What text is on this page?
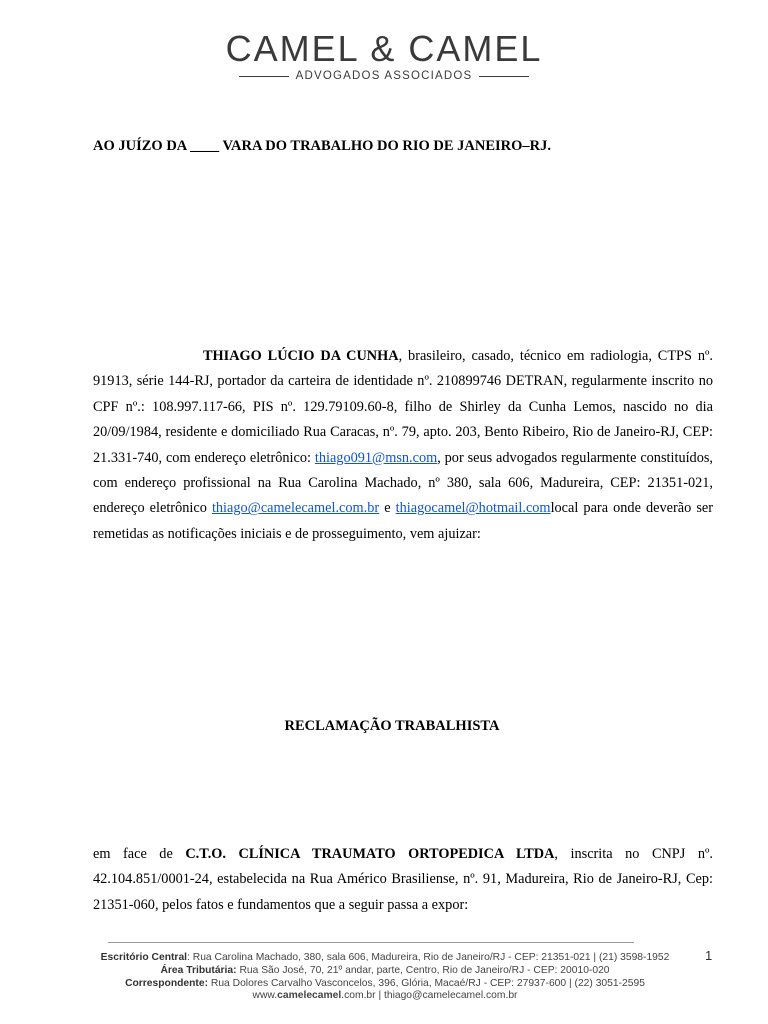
CAMEL & CAMEL
ADVOGADOS ASSOCIADOS
AO JUÍZO DA ____ VARA DO TRABALHO DO RIO DE JANEIRO–RJ.

THIAGO LÚCIO DA CUNHA, brasileiro, casado, técnico em radiologia, CTPS nº. 91913, série 144-RJ, portador da carteira de identidade nº. 210899746 DETRAN, regularmente inscrito no CPF nº.: 108.997.117-66, PIS nº. 129.79109.60-8, filho de Shirley da Cunha Lemos, nascido no dia 20/09/1984, residente e domiciliado Rua Caracas, nº. 79, apto. 203, Bento Ribeiro, Rio de Janeiro-RJ, CEP: 21.331-740, com endereço eletrônico: thiago091@msn.com, por seus advogados regularmente constituídos, com endereço profissional na Rua Carolina Machado, nº 380, sala 606, Madureira, CEP: 21351-021, endereço eletrônico thiago@camelecamel.com.br e thiagocamel@hotmail.comlocal para onde deverão ser remetidas as notificações iniciais e de prosseguimento, vem ajuizar:

RECLAMAÇÃO TRABALHISTA

em face de C.T.O. CLÍNICA TRAUMATO ORTOPEDICA LTDA, inscrita no CNPJ nº. 42.104.851/0001-24, estabelecida na Rua Américo Brasiliense, nº. 91, Madureira, Rio de Janeiro-RJ, Cep: 21351-060, pelos fatos e fundamentos que a seguir passa a expor:

1
Escritório Central: Rua Carolina Machado, 380, sala 606, Madureira, Rio de Janeiro/RJ - CEP: 21351-021 | (21) 3598-1952
Área Tributária: Rua São José, 70, 21º andar, parte, Centro, Rio de Janeiro/RJ - CEP: 20010-020
Correspondente: Rua Dolores Carvalho Vasconcelos, 396, Glória, Macaé/RJ - CEP: 27937-600 | (22) 3051-2595
www.camelecamel.com.br | thiago@camelecamel.com.br
